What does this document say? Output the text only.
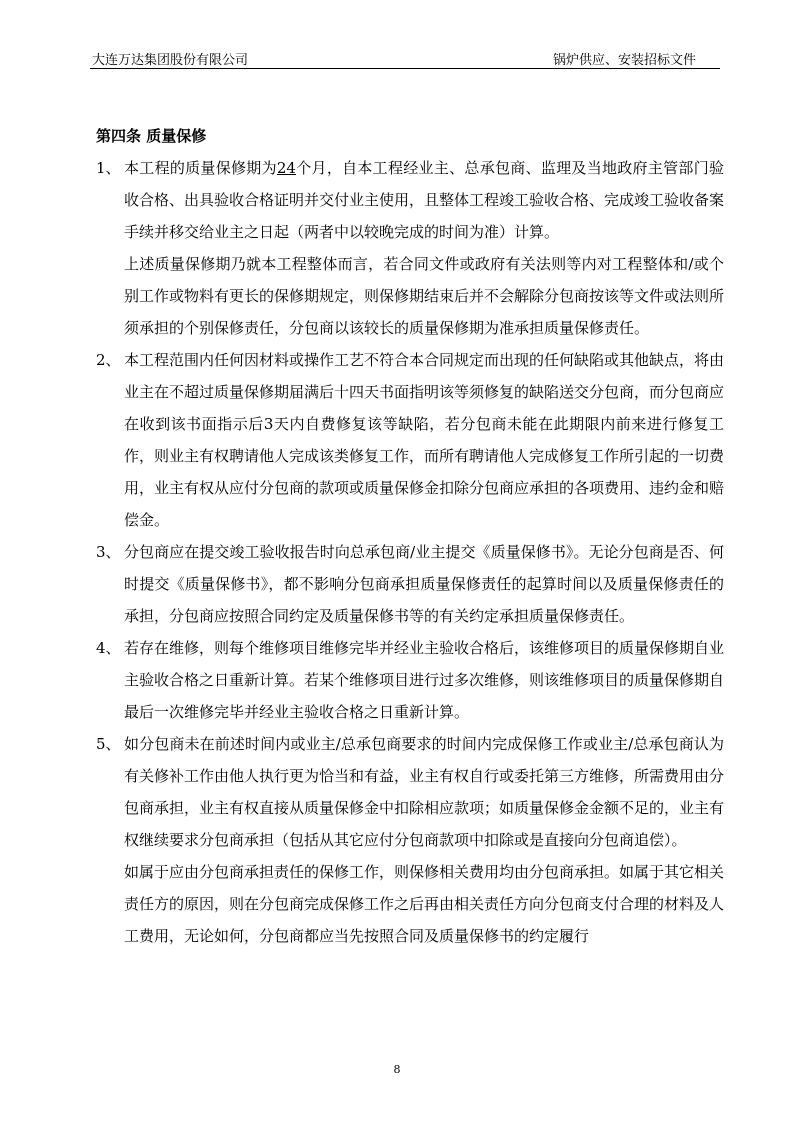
大连万达集团股份有限公司	锅炉供应、安装招标文件
第四条 质量保修
1、 本工程的质量保修期为24个月，自本工程经业主、总承包商、监理及当地政府主管部门验收合格、出具验收合格证明并交付业主使用，且整体工程竣工验收合格、完成竣工验收备案手续并移交给业主之日起（两者中以较晚完成的时间为准）计算。
上述质量保修期乃就本工程整体而言，若合同文件或政府有关法则等内对工程整体和/或个别工作或物料有更长的保修期规定，则保修期结束后并不会解除分包商按该等文件或法则所须承担的个别保修责任，分包商以该较长的质量保修期为准承担质量保修责任。
2、 本工程范围内任何因材料或操作工艺不符合本合同规定而出现的任何缺陷或其他缺点，将由业主在不超过质量保修期届满后十四天书面指明该等须修复的缺陷送交分包商，而分包商应在收到该书面指示后3天内自费修复该等缺陷，若分包商未能在此期限内前来进行修复工作，则业主有权聘请他人完成该类修复工作，而所有聘请他人完成修复工作所引起的一切费用，业主有权从应付分包商的款项或质量保修金扣除分包商应承担的各项费用、违约金和赔偿金。
3、 分包商应在提交竣工验收报告时向总承包商/业主提交《质量保修书》。无论分包商是否、何时提交《质量保修书》，都不影响分包商承担质量保修责任的起算时间以及质量保修责任的承担，分包商应按照合同约定及质量保修书等的有关约定承担质量保修责任。
4、 若存在维修，则每个维修项目维修完毕并经业主验收合格后，该维修项目的质量保修期自业主验收合格之日重新计算。若某个维修项目进行过多次维修，则该维修项目的质量保修期自最后一次维修完毕并经业主验收合格之日重新计算。
5、 如分包商未在前述时间内或业主/总承包商要求的时间内完成保修工作或业主/总承包商认为有关修补工作由他人执行更为恰当和有益，业主有权自行或委托第三方维修，所需费用由分包商承担，业主有权直接从质量保修金中扣除相应款项；如质量保修金金额不足的，业主有权继续要求分包商承担（包括从其它应付分包商款项中扣除或是直接向分包商追偿）。
如属于应由分包商承担责任的保修工作，则保修相关费用均由分包商承担。如属于其它相关责任方的原因，则在分包商完成保修工作之后再由相关责任方向分包商支付合理的材料及人工费用，无论如何，分包商都应当先按照合同及质量保修书的约定履行
8
